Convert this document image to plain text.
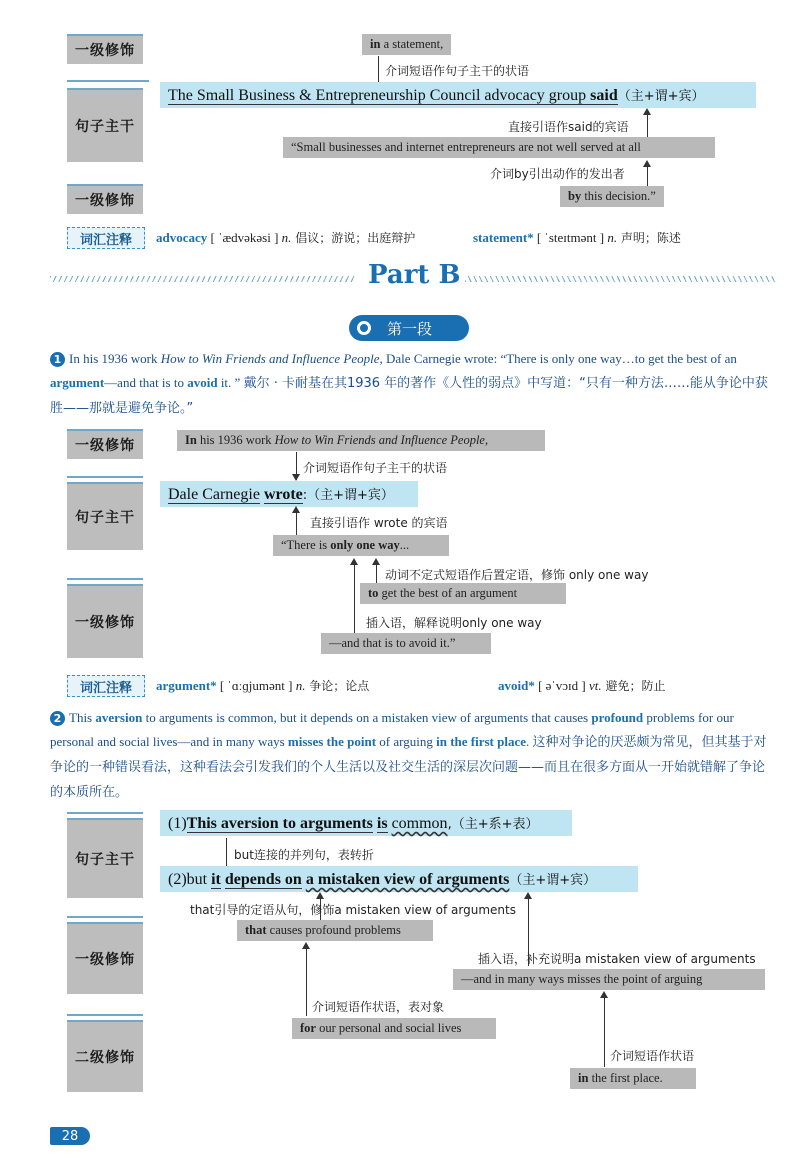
一级修饰	in a statement,
介词短语作句子主干的状语
句子主干
The Small Business & Entrepreneurship Council advocacy group said（主+谓+宾）
直接引语作said的宾语
“Small businesses and internet entrepreneurs are not well served at all
介词by引出动作的发出者
一级修饰	by this decision.”
词汇注释	advocacy [ ˈædvəkəsi ] n. 倡议；游说；出庭辩护	statement* [ ˈsteɪtmənt ] n. 声明；陈述
Part B
第一段
1 In his 1936 work How to Win Friends and Influence People, Dale Carnegie wrote: “There is only one way…to get the best of an argument—and that is to avoid it. ” 戴尔 · 卡耐基在其1936 年的著作《人性的弱点》中写道：“只有一种方法……能从争论中获胜——那就是避免争论。”
一级修饰	In his 1936 work How to Win Friends and Influence People,
介词短语作句子主干的状语
句子主干
Dale Carnegie wrote:（主+谓+宾）
直接引语作 wrote 的宾语
“There is only one way...
动词不定式短语作后置定语，修饰 only one way
一级修饰
to get the best of an argument
插入语，解释说明only one way
—and that is to avoid it.”
词汇注释	argument* [ ˈɑːɡjumənt ] n. 争论；论点	avoid* [ əˈvɔɪd ] vt. 避免；防止
2 This aversion to arguments is common, but it depends on a mistaken view of arguments that causes profound problems for our personal and social lives—and in many ways misses the point of arguing in the first place. 这种对争论的厌恶颇为常见，但其基于对争论的一种错误看法，这种看法会引发我们的个人生活以及社交生活的深层次问题——而且在很多方面从一开始就错解了争论的本质所在。
句子主干
(1)This aversion to arguments is common,（主+系+表）
but连接的并列句，表转折
(2)but it depends on a mistaken view of arguments（主+谓+宾）
that引导的定语从句，修饰a mistaken view of arguments
一级修饰
that causes profound problems
插入语，补充说明a mistaken view of arguments
—and in many ways misses the point of arguing
介词短语作状语，表对象
二级修饰
for our personal and social lives
介词短语作状语
in the first place.
28
